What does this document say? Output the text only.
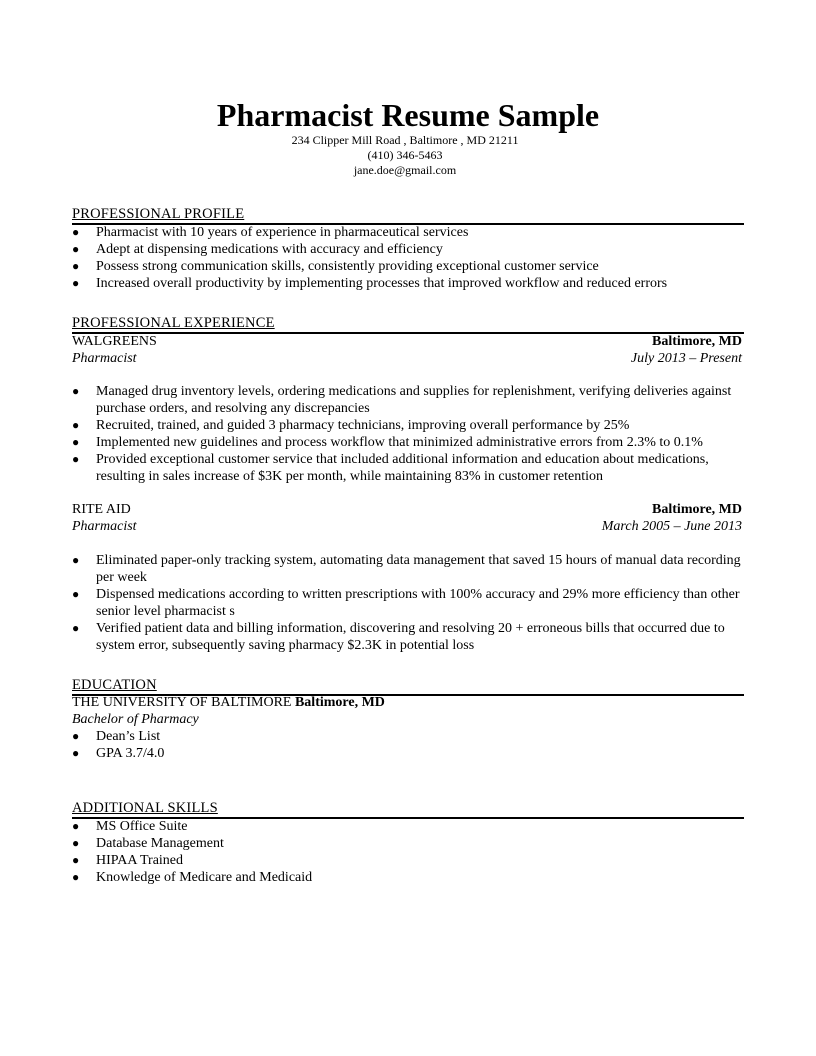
Pharmacist Resume Sample
234 Clipper Mill Road , Baltimore , MD 21211
(410) 346-5463
jane.doe@gmail.com
PROFESSIONAL PROFILE
●	Pharmacist with 10 years of experience in pharmaceutical services
●	Adept at dispensing medications with accuracy and efficiency
●	Possess strong communication skills, consistently providing exceptional customer service
●	Increased overall productivity by implementing processes that improved workflow and reduced errors
PROFESSIONAL EXPERIENCE
WALGREENS	Baltimore, MD
Pharmacist	July 2013 – Present
●	Managed drug inventory levels, ordering medications and supplies for replenishment, verifying deliveries against purchase orders, and resolving any discrepancies
●	Recruited, trained, and guided 3 pharmacy technicians, improving overall performance by 25%
●	Implemented new guidelines and process workflow that minimized administrative errors from 2.3% to 0.1%
●	Provided exceptional customer service that included additional information and education about medications, resulting in sales increase of $3K per month, while maintaining 83% in customer retention
RITE AID	Baltimore, MD
Pharmacist	March 2005 – June 2013
●	Eliminated paper-only tracking system, automating data management that saved 15 hours of manual data recording per week
●	Dispensed medications according to written prescriptions with 100% accuracy and 29% more efficiency than other senior level pharmacist s
●	Verified patient data and billing information, discovering and resolving 20 + erroneous bills that occurred due to system error, subsequently saving pharmacy $2.3K in potential loss
EDUCATION
THE UNIVERSITY OF BALTIMORE Baltimore, MD
Bachelor of Pharmacy
●	Dean’s List
●	GPA 3.7/4.0
ADDITIONAL SKILLS
●	MS Office Suite
●	Database Management
●	HIPAA Trained
●	Knowledge of Medicare and Medicaid
